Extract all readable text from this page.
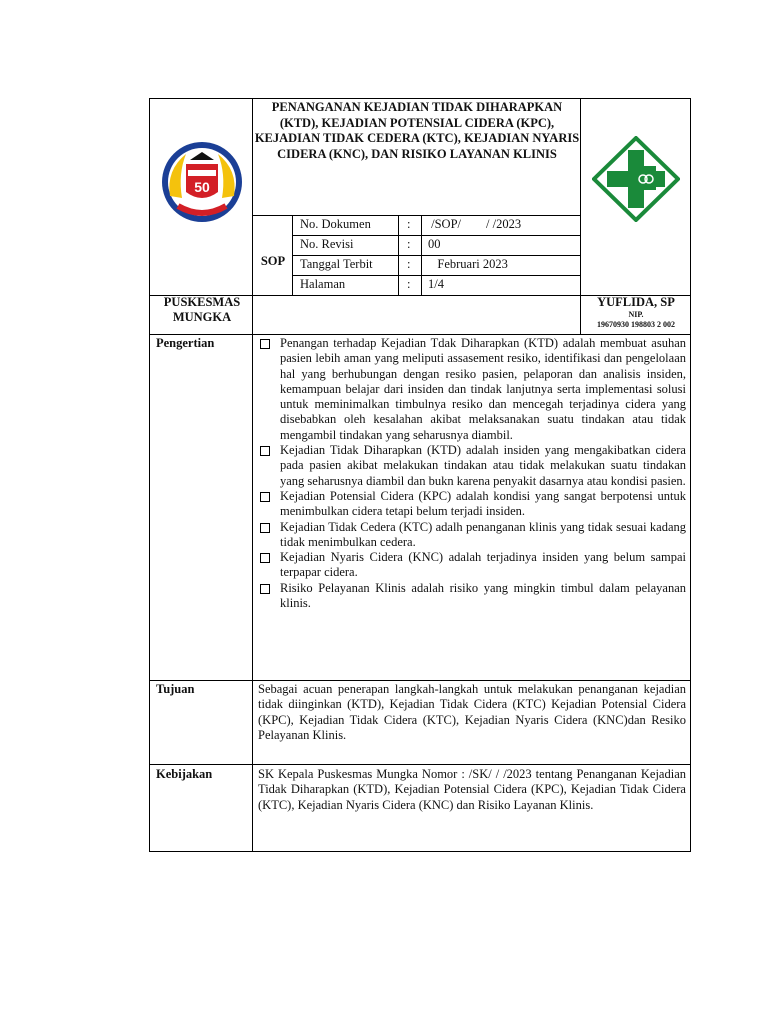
50
PENANGANAN KEJADIAN TIDAK DIHARAPKAN (KTD), KEJADIAN POTENSIAL CIDERA (KPC), KEJADIAN TIDAK CEDERA (KTC), KEJADIAN NYARIS CIDERA (KNC), DAN RISIKO LAYANAN KLINIS
SOP
No. Dokumen	: /SOP/        / /2023
No. Revisi	: 00
Tanggal Terbit	: Februari 2023
Halaman	: 1/4
PUSKESMAS MUNGKA
YUFLIDA, SP
NIP.
19670930 198803 2 002
Pengertian	Penangan terhadap Kejadian Tdak Diharapkan (KTD) adalah membuat asuhan pasien lebih aman yang meliputi assasement resiko, identifikasi dan pengelolaan hal yang berhubungan dengan resiko pasien, pelaporan dan analisis insiden, kemampuan belajar dari insiden dan tindak lanjutnya serta implementasi solusi untuk meminimalkan timbulnya resiko dan mencegah terjadinya cidera yang disebabkan oleh kesalahan akibat melaksanakan suatu tindakan atau tidak mengambil tindakan yang seharusnya diambil.
Kejadian Tidak Diharapkan (KTD) adalah insiden yang mengakibatkan cidera pada pasien akibat melakukan tindakan atau tidak melakukan suatu tindakan yang seharusnya diambil dan bukn karena penyakit dasarnya atau kondisi pasien.
Kejadian Potensial Cidera (KPC) adalah kondisi yang sangat berpotensi untuk menimbulkan cidera tetapi belum terjadi insiden.
Kejadian Tidak Cedera (KTC) adalh penanganan klinis yang tidak sesuai kadang tidak menimbulkan cedera.
Kejadian Nyaris Cidera (KNC) adalah terjadinya insiden yang belum sampai terpapar cidera.
Risiko Pelayanan Klinis adalah risiko yang mingkin timbul dalam pelayanan klinis.
Tujuan	Sebagai acuan penerapan langkah-langkah untuk melakukan penanganan kejadian tidak diinginkan (KTD), Kejadian Tidak Cidera (KTC) Kejadian Potensial Cidera (KPC), Kejadian Tidak Cidera (KTC), Kejadian Nyaris Cidera (KNC)dan Resiko Pelayanan Klinis.
Kebijakan	SK Kepala Puskesmas Mungka Nomor : /SK/ / /2023 tentang Penanganan Kejadian Tidak Diharapkan (KTD), Kejadian Potensial Cidera (KPC), Kejadian Tidak Cidera (KTC), Kejadian Nyaris Cidera (KNC) dan Risiko Layanan Klinis.
